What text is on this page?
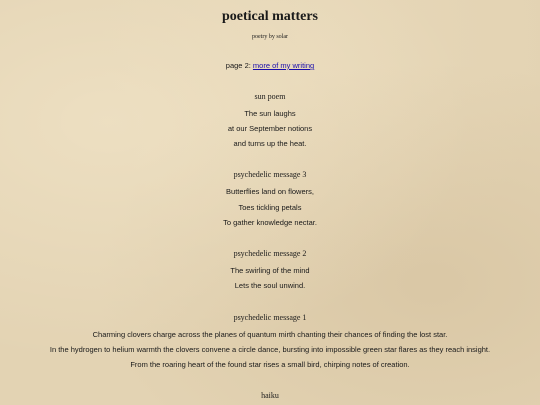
poetical matters
poetry by solar
page 2: more of my writing
sun poem
The sun laughs
at our September notions
and turns up the heat.
psychedelic message 3
Butterflies land on flowers,
Toes tickling petals
To gather knowledge nectar.
psychedelic message 2
The swirling of the mind
Lets the soul unwind.
psychedelic message 1
Charming clovers charge across the planes of quantum mirth chanting their chances of finding the lost star.
In the hydrogen to helium warmth the clovers convene a circle dance, bursting into impossible green star flares as they reach insight.
From the roaring heart of the found star rises a small bird, chirping notes of creation.
haiku
